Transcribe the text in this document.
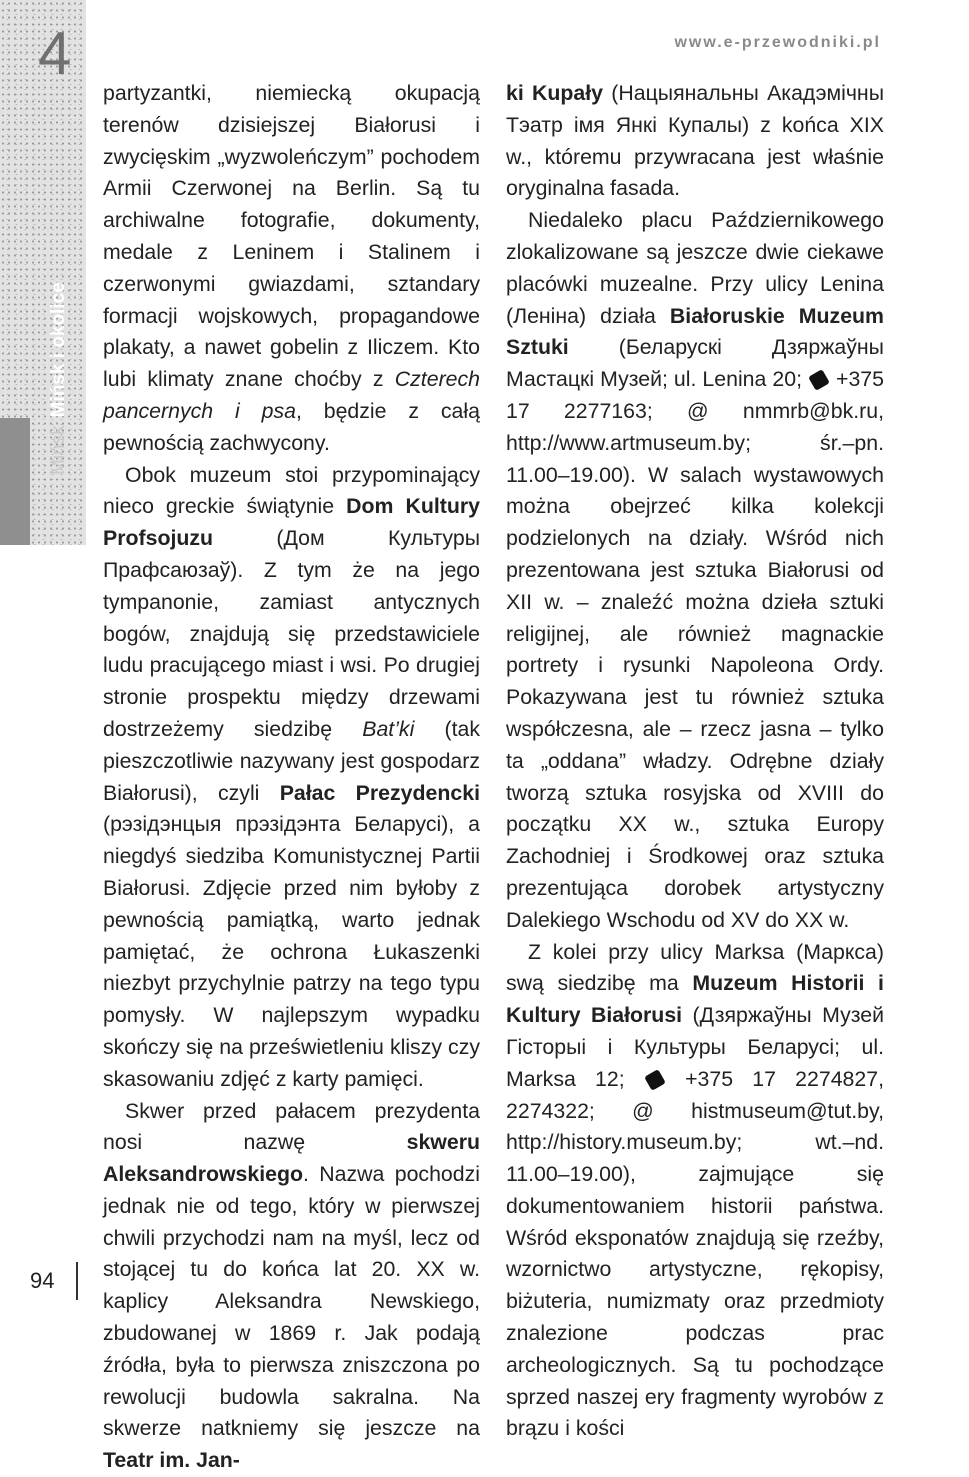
4
MińskMińsk i okolice
www.e-przewodniki.pl

partyzantki, niemiecką okupacją terenów dzisiejszej Białorusi i zwycięskim „wyzwoleńczym” pochodem Armii Czerwonej na Berlin. Są tu archiwalne fotografie, dokumenty, medale z Leninem i Stalinem i czerwonymi gwiazdami, sztandary formacji wojskowych, propagandowe plakaty, a nawet gobelin z Iliczem. Kto lubi klimaty znane choćby z Czterech pancernych i psa, będzie z całą pewnością zachwycony.

Obok muzeum stoi przypominający nieco greckie świątynie Dom Kultury Profsojuzu (Дом Культуры Прафсаюзаў). Z tym że na jego tympanonie, zamiast antycznych bogów, znajdują się przedstawiciele ludu pracującego miast i wsi. Po drugiej stronie prospektu między drzewami dostrzeżemy siedzibę Bat’ki (tak pieszczotliwie nazywany jest gospodarz Białorusi), czyli Pałac Prezydencki (рэзідэнцыя прэзідэнта Беларусі), a niegdyś siedziba Komunistycznej Partii Białorusi. Zdjęcie przed nim byłoby z pewnością pamiątką, warto jednak pamiętać, że ochrona Łukaszenki niezbyt przychylnie patrzy na tego typu pomysły. W najlepszym wypadku skończy się na prześwietleniu kliszy czy skasowaniu zdjęć z karty pamięci.

Skwer przed pałacem prezydenta nosi nazwę skweru Aleksandrowskiego. Nazwa pochodzi jednak nie od tego, który w pierwszej chwili przychodzi nam na myśl, lecz od stojącej tu do końca lat 20. XX w. kaplicy Aleksandra Newskiego, zbudowanej w 1869 r. Jak podają źródła, była to pierwsza zniszczona po rewolucji budowla sakralna. Na skwerze natkniemy się jeszcze na Teatr im. Jan-

ki Kupały (Нацыянальны Акадэмічны Тэатр імя Янкі Купалы) z końca XIX w., któremu przywracana jest właśnie oryginalna fasada.

Niedaleko placu Październikowego zlokalizowane są jeszcze dwie ciekawe placówki muzealne. Przy ulicy Lenina (Леніна) działa Białoruskie Muzeum Sztuki (Беларускі Дзяржаўны Мастацкі Музей; ul. Lenina 20;  +375 17 2277163; @ nmmrb@bk.ru, http://www.artmuseum.by; śr.–pn. 11.00–19.00). W salach wystawowych można obejrzeć kilka kolekcji podzielonych na działy. Wśród nich prezentowana jest sztuka Białorusi od XII w. – znaleźć można dzieła sztuki religijnej, ale również magnackie portrety i rysunki Napoleona Ordy. Pokazywana jest tu również sztuka współczesna, ale – rzecz jasna – tylko ta „oddana” władzy. Odrębne działy tworzą sztuka rosyjska od XVIII do początku XX w., sztuka Europy Zachodniej i Środkowej oraz sztuka prezentująca dorobek artystyczny Dalekiego Wschodu od XV do XX w.

Z kolei przy ulicy Marksa (Маркса) swą siedzibę ma Muzeum Historii i Kultury Białorusi (Дзяржаўны Музей Гісторыі і Культуры Беларусі; ul. Marksa 12;  +375 17 2274827, 2274322; @ histmuseum@tut.by, http://history.museum.by; wt.–nd. 11.00–19.00), zajmujące się dokumentowaniem historii państwa. Wśród eksponatów znajdują się rzeźby, wzornictwo artystyczne, rękopisy, biżuteria, numizmaty oraz przedmioty znalezione podczas prac archeologicznych. Są tu pochodzące sprzed naszej ery fragmenty wyrobów z brązu i kości

94
